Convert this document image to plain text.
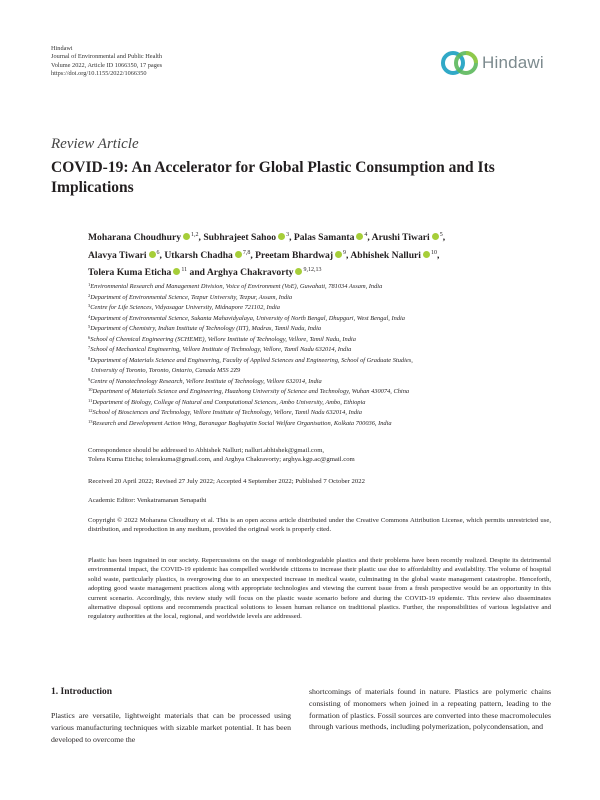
Hindawi
Journal of Environmental and Public Health
Volume 2022, Article ID 1066350, 17 pages
https://doi.org/10.1155/2022/1066350
Hindawi
Review Article
COVID-19: An Accelerator for Global Plastic Consumption and Its Implications
Moharana Choudhury $^{1,2}$, Subhrajeet Sahoo $^3$, Palas Samanta $^4$, Arushi Tiwari $^5$,
Alavya Tiwari $^6$, Utkarsh Chadha $^{7,8}$, Preetam Bhardwaj $^9$, Abhishek Nalluri $^{10}$,
Tolera Kuma Eticha $^{11}$ and Arghya Chakravorty $^{9,12,13}$
$^1$Environmental Research and Management Division, Voice of Environment (VoE), Guwahati, 781034 Assam, India
$^2$Department of Environmental Science, Tezpur University, Tezpur, Assam, India
$^3$Centre for Life Sciences, Vidyasagar University, Midnapore 721102, India
$^4$Department of Environmental Science, Sukanta Mahavidyalaya, University of North Bengal, Dhupguri, West Bengal, India
$^5$Department of Chemistry, Indian Institute of Technology (IIT), Madras, Tamil Nadu, India
$^6$School of Chemical Engineering (SCHEME), Vellore Institute of Technology, Vellore, Tamil Nadu, India
$^7$School of Mechanical Engineering, Vellore Institute of Technology, Vellore, Tamil Nadu 632014, India
$^8$Department of Materials Science and Engineering, Faculty of Applied Sciences and Engineering, School of Graduate Studies,
University of Toronto, Toronto, Ontario, Canada M5S 2Z9
$^9$Centre of Nanotechnology Research, Vellore Institute of Technology, Vellore 632014, India
$^{10}$Department of Materials Science and Engineering, Huazhong University of Science and Technology, Wuhan 430074, China
$^{11}$Department of Biology, College of Natural and Computational Sciences, Ambo University, Ambo, Ethiopia
$^{12}$School of Biosciences and Technology, Vellore Institute of Technology, Vellore, Tamil Nadu 632014, India
$^{13}$Research and Development Action Wing, Baranagar Baghajatin Social Welfare Organisation, Kolkata 700036, India
Correspondence should be addressed to Abhishek Nalluri; nalluri.abhishek@gmail.com,
Tolera Kuma Eticha; tolerakuma@gmail.com, and Arghya Chakravorty; arghya.kgp.ac@gmail.com
Received 20 April 2022; Revised 27 July 2022; Accepted 4 September 2022; Published 7 October 2022
Academic Editor: Venkatramanan Senapathi
Copyright © 2022 Moharana Choudhury et al. This is an open access article distributed under the Creative Commons Attribution License, which permits unrestricted use, distribution, and reproduction in any medium, provided the original work is properly cited.
Plastic has been ingrained in our society. Repercussions on the usage of nonbiodegradable plastics and their problems have been recently realized. Despite its detrimental environmental impact, the COVID-19 epidemic has compelled worldwide citizens to increase their plastic use due to affordability and availability. The volume of hospital solid waste, particularly plastics, is overgrowing due to an unexpected increase in medical waste, culminating in the global waste management catastrophe. Henceforth, adopting good waste management practices along with appropriate technologies and viewing the current issue from a fresh perspective would be an opportunity in this current scenario. Accordingly, this review study will focus on the plastic waste scenario before and during the COVID-19 epidemic. This review also disseminates alternative disposal options and recommends practical solutions to lessen human reliance on traditional plastics. Further, the responsibilities of various legislative and regulatory authorities at the local, regional, and worldwide levels are addressed.
1. Introduction
Plastics are versatile, lightweight materials that can be processed using various manufacturing techniques with sizable market potential. It has been developed to overcome the
shortcomings of materials found in nature. Plastics are polymeric chains consisting of monomers when joined in a repeating pattern, leading to the formation of plastics. Fossil sources are converted into these macromolecules through various methods, including polymerization, polycondensation, and
